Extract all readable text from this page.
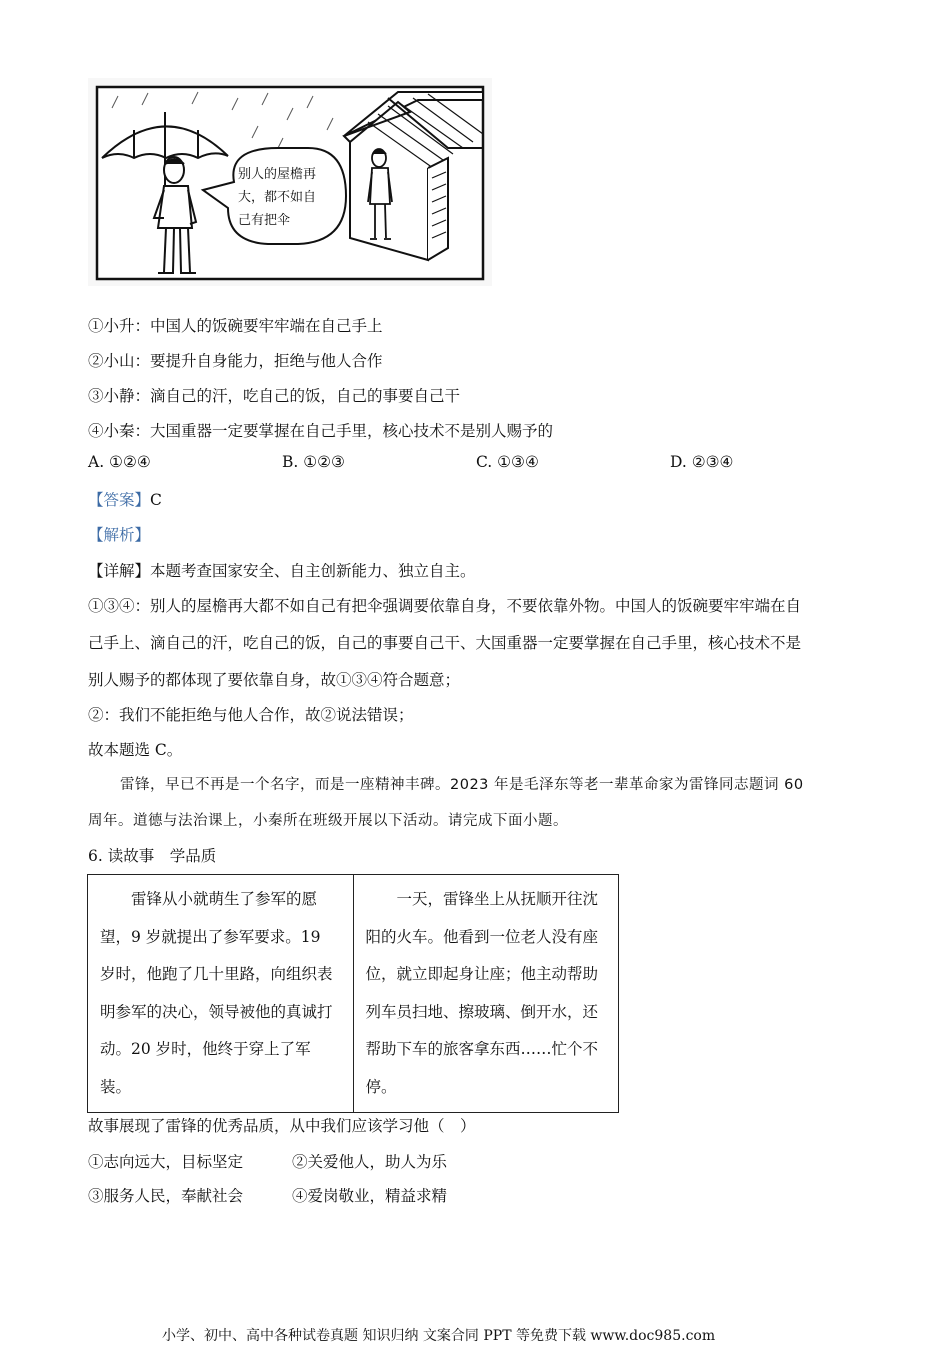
别人的屋檐再
大，都不如自
己有把伞
①小升：中国人的饭碗要牢牢端在自己手上
②小山：要提升自身能力，拒绝与他人合作
③小静：滴自己的汗，吃自己的饭，自己的事要自己干
④小秦：大国重器一定要掌握在自己手里，核心技术不是别人赐予的
A. ①②④	B. ①②③	C. ①③④	D. ②③④
【答案】C
【解析】
【详解】本题考查国家安全、自主创新能力、独立自主。
①③④：别人的屋檐再大都不如自己有把伞强调要依靠自身，不要依靠外物。中国人的饭碗要牢牢端在自
己手上、滴自己的汗，吃自己的饭，自己的事要自己干、大国重器一定要掌握在自己手里，核心技术不是
别人赐予的都体现了要依靠自身，故①③④符合题意；
②：我们不能拒绝与他人合作，故②说法错误；
故本题选 C。
雷锋，早已不再是一个名字，而是一座精神丰碑。2023 年是毛泽东等老一辈革命家为雷锋同志题词 60
周年。道德与法治课上，小秦所在班级开展以下活动。请完成下面小题。
6. 读故事　学品质
雷锋从小就萌生了参军的愿望，9 岁就提出了参军要求。19 岁时，他跑了几十里路，向组织表明参军的决心，领导被他的真诚打动。20 岁时，他终于穿上了军装。	一天，雷锋坐上从抚顺开往沈阳的火车。他看到一位老人没有座位，就立即起身让座；他主动帮助列车员扫地、擦玻璃、倒开水，还帮助下车的旅客拿东西……忙个不停。
故事展现了雷锋的优秀品质，从中我们应该学习他（　）
①志向远大，目标坚定	②关爱他人，助人为乐
③服务人民，奉献社会	④爱岗敬业，精益求精
小学、初中、高中各种试卷真题 知识归纳 文案合同 PPT 等免费下载 www.doc985.com
